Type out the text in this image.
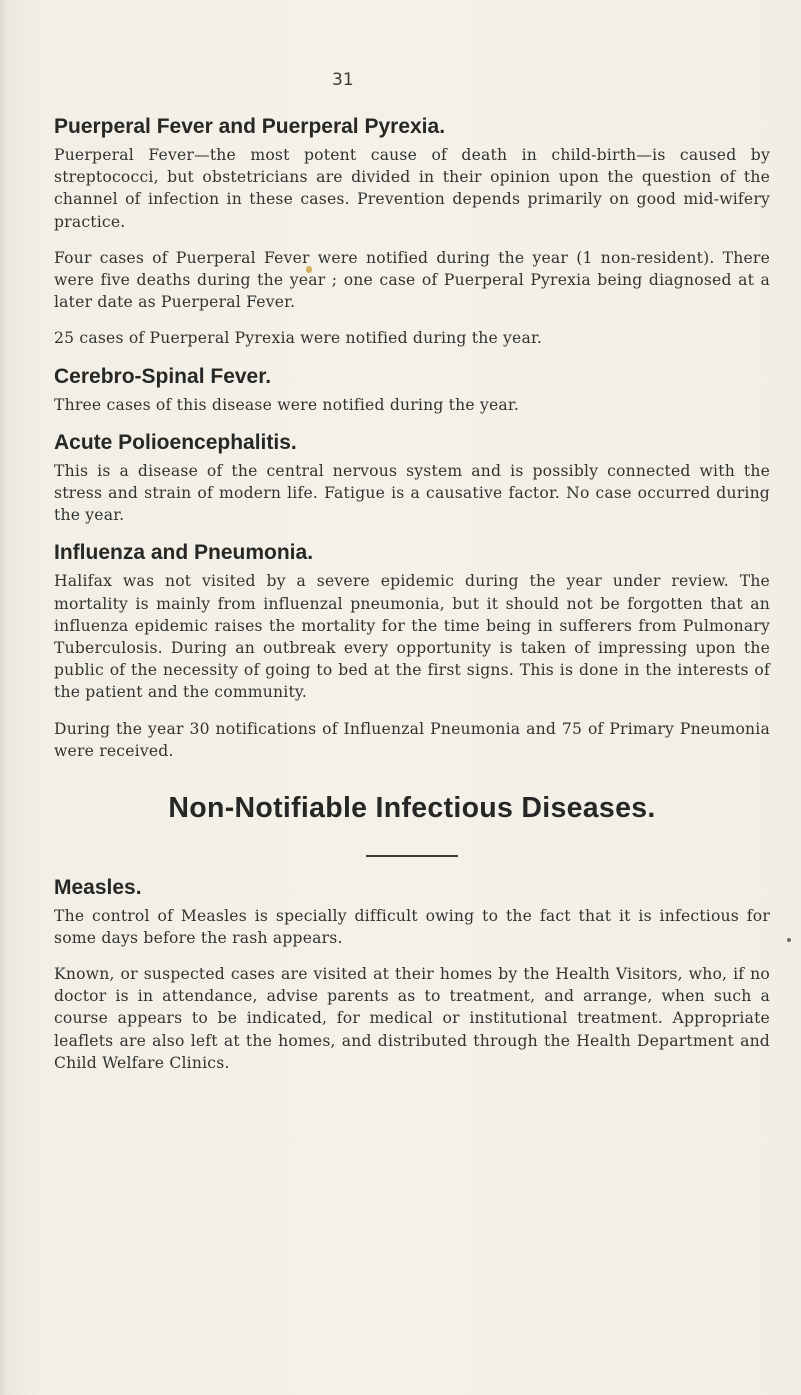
31
Puerperal Fever and Puerperal Pyrexia.

Puerperal Fever—the most potent cause of death in child-birth—is caused by streptococci, but obstetricians are divided in their opinion upon the question of the channel of infection in these cases. Prevention depends primarily on good mid-wifery practice.

Four cases of Puerperal Fever were notified during the year (1 non-resident). There were five deaths during the year ; one case of Puerperal Pyrexia being diagnosed at a later date as Puerperal Fever.

25 cases of Puerperal Pyrexia were notified during the year.

Cerebro-Spinal Fever.

Three cases of this disease were notified during the year.

Acute Polioencephalitis.

This is a disease of the central nervous system and is possibly connected with the stress and strain of modern life. Fatigue is a causative factor. No case occurred during the year.

Influenza and Pneumonia.

Halifax was not visited by a severe epidemic during the year under review. The mortality is mainly from influenzal pneumonia, but it should not be forgotten that an influenza epidemic raises the mortality for the time being in sufferers from Pulmonary Tuberculosis. During an outbreak every opportunity is taken of impressing upon the public of the necessity of going to bed at the first signs. This is done in the interests of the patient and the community.

During the year 30 notifications of Influenzal Pneumonia and 75 of Primary Pneumonia were received.

Non-Notifiable Infectious Diseases.
Measles.

The control of Measles is specially difficult owing to the fact that it is infectious for some days before the rash appears.

Known, or suspected cases are visited at their homes by the Health Visitors, who, if no doctor is in attendance, advise parents as to treatment, and arrange, when such a course appears to be indicated, for medical or institutional treatment. Appropriate leaflets are also left at the homes, and distributed through the Health Department and Child Welfare Clinics.
